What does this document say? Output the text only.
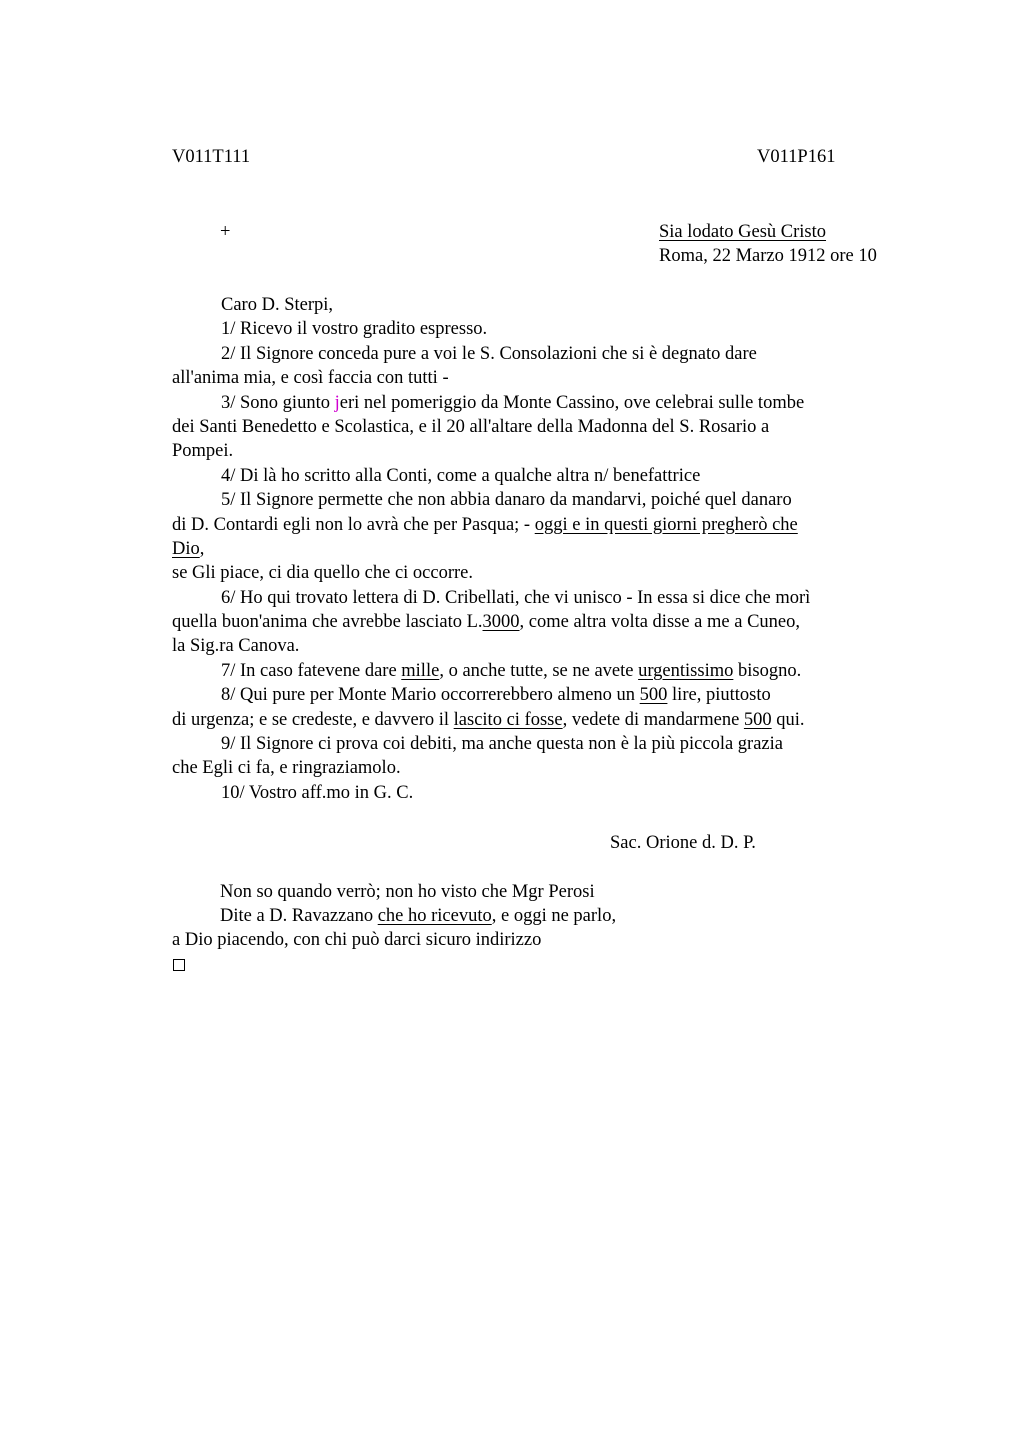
V011T111	V011P161
+	Sia lodato Gesù Cristo
Roma, 22 Marzo 1912 ore 10
Caro D. Sterpi,
1/ Ricevo il vostro gradito espresso.
2/ Il Signore conceda pure a voi le S. Consolazioni che si è degnato dare
all'anima mia, e così faccia con tutti -
3/ Sono giunto jeri nel pomeriggio da Monte Cassino, ove celebrai sulle tombe
dei Santi Benedetto e Scolastica, e il 20 all'altare della Madonna del S. Rosario a
Pompei.
4/ Di là ho scritto alla Conti, come a qualche altra n/ benefattrice
5/ Il Signore permette che non abbia danaro da mandarvi, poiché quel danaro
di D. Contardi egli non lo avrà che per Pasqua; - oggi e in questi giorni pregherò che
Dio,
se Gli piace, ci dia quello che ci occorre.
6/ Ho qui trovato lettera di D. Cribellati, che vi unisco - In essa si dice che morì
quella buon'anima che avrebbe lasciato L.3000, come altra volta disse a me a Cuneo,
la Sig.ra Canova.
7/ In caso fatevene dare mille, o anche tutte, se ne avete urgentissimo bisogno.
8/ Qui pure per Monte Mario occorrerebbero almeno un 500 lire, piuttosto
di urgenza; e se credeste, e davvero il lascito ci fosse, vedete di mandarmene 500 qui.
9/ Il Signore ci prova coi debiti, ma anche questa non è la più piccola grazia
che Egli ci fa, e ringraziamolo.
10/ Vostro aff.mo in G. C.
Sac. Orione d. D. P.
Non so quando verrò; non ho visto che Mgr Perosi
Dite a D. Ravazzano che ho ricevuto, e oggi ne parlo,
a Dio piacendo, con chi può darci sicuro indirizzo
